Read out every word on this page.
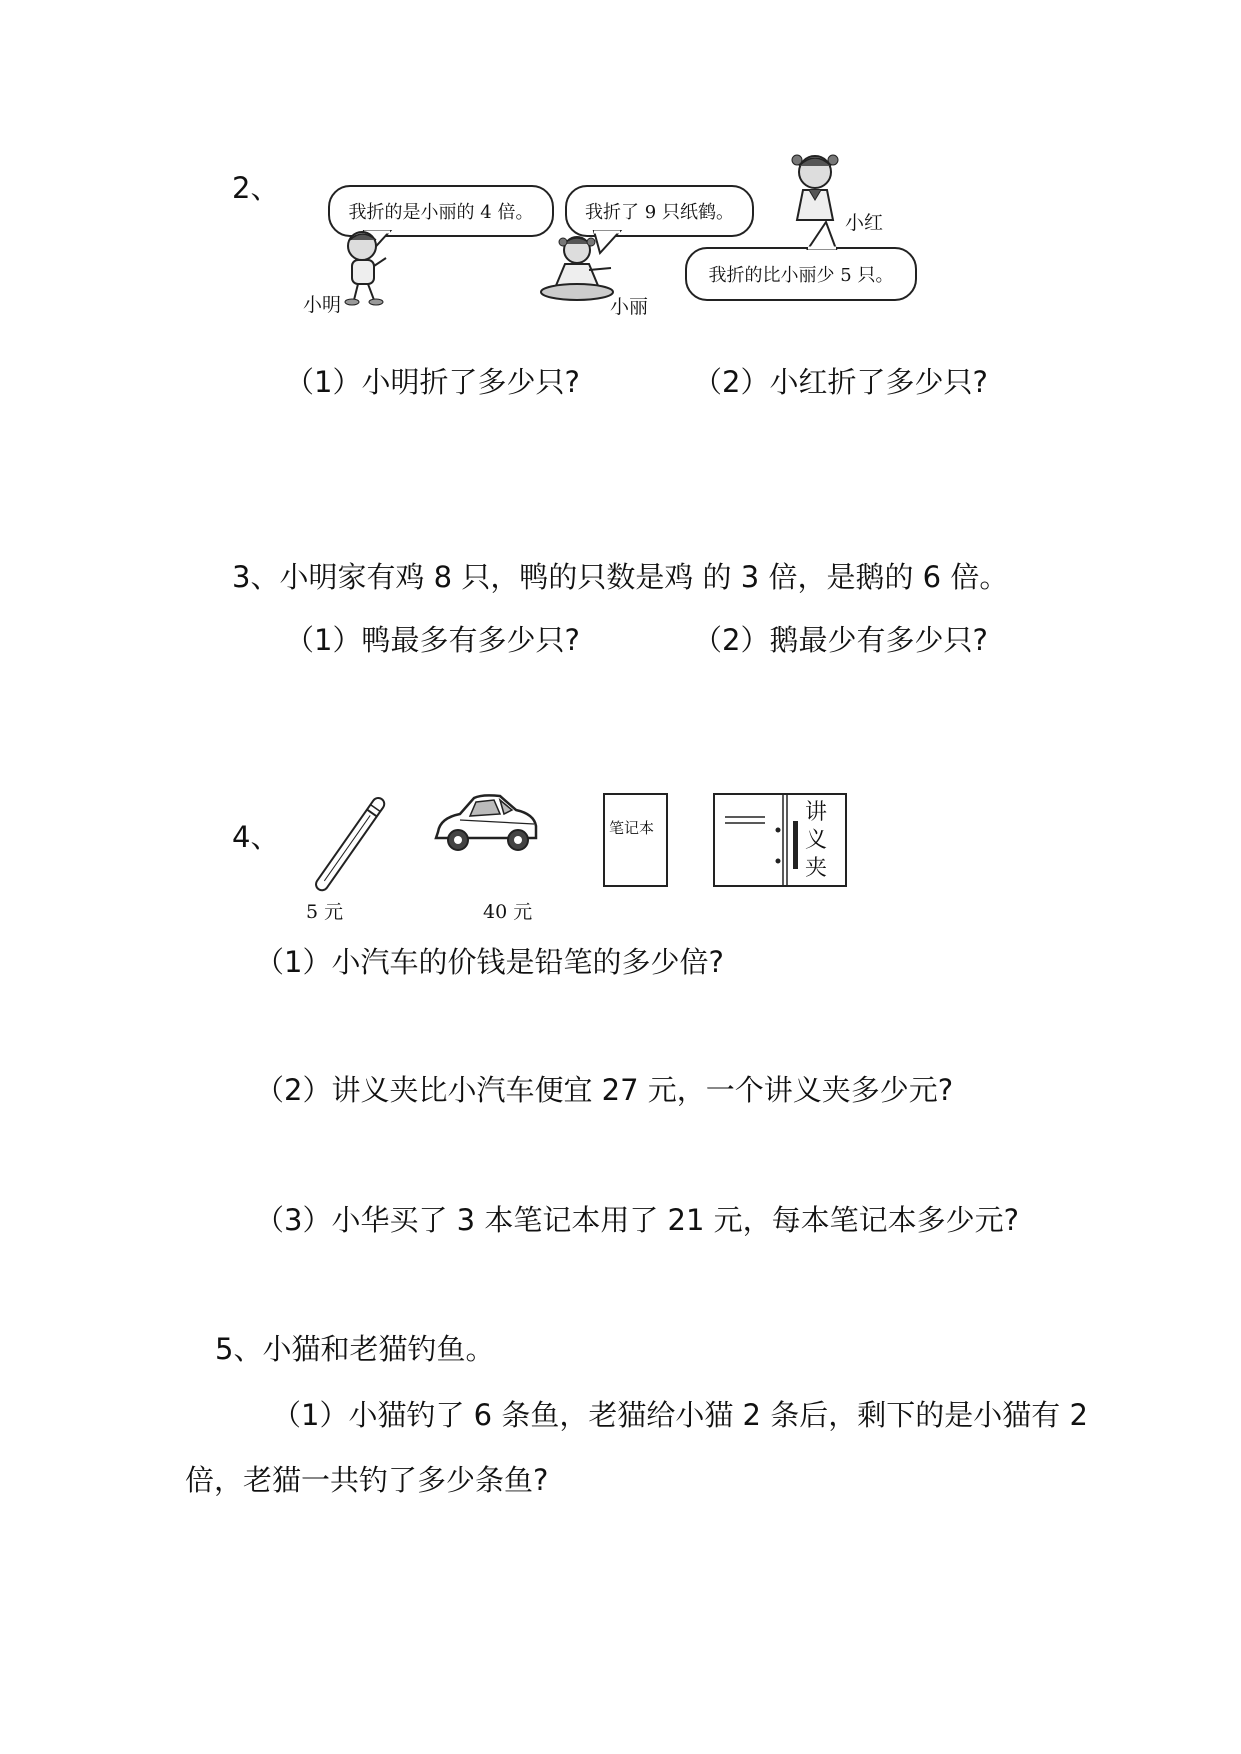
2、
我折的是小丽的 4 倍。
小明
我折了 9 只纸鹤。
小丽
小红
我折的比小丽少 5 只。
（1）小明折了多少只?	（2）小红折了多少只?
3、小明家有鸡 8 只，鸭的只数是鸡 的 3 倍，是鹅的 6 倍。
（1）鸭最多有多少只?	（2）鹅最少有多少只?
4、
5 元	40 元
笔记本
讲
义
夹
（1）小汽车的价钱是铅笔的多少倍?
（2）讲义夹比小汽车便宜 27 元，一个讲义夹多少元?
（3）小华买了 3 本笔记本用了 21 元，每本笔记本多少元?
5、小猫和老猫钓鱼。
（1）小猫钓了 6 条鱼，老猫给小猫 2 条后，剩下的是小猫有 2
倍，老猫一共钓了多少条鱼?
